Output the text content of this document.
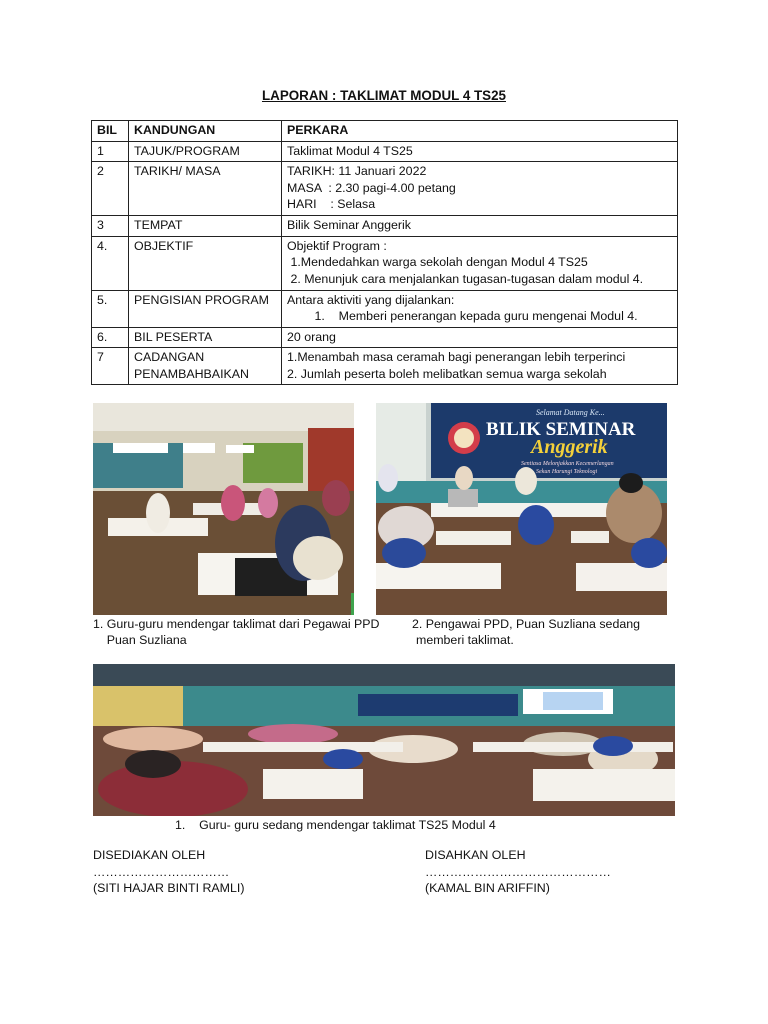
LAPORAN : TAKLIMAT MODUL 4 TS25
BIL	KANDUNGAN	PERKARA
1	TAJUK/PROGRAM	Taklimat Modul 4 TS25

2	TARIKH/ MASA	TARIKH: 11 Januari 2022
MASA  : 2.30 pagi-4.00 petang
HARI    : Selasa

3	TEMPAT	Bilik Seminar Anggerik

4.	OBJEKTIF	Objektif Program :
1.Mendedahkan warga sekolah dengan Modul 4 TS25
2. Menunjuk cara menjalankan tugasan-tugasan dalam modul 4.

5.	PENGISIAN PROGRAM	Antara aktiviti yang dijalankan:
1.    Memberi penerangan kepada guru mengenai Modul 4.

6.	BIL PESERTA	20 orang

7	CADANGAN PENAMBAHBAIKAN	1.Menambah masa ceramah bagi penerangan lebih terperinci
2. Jumlah peserta boleh melibatkan semua warga sekolah
Selamat Datang Ke...
BILIK SEMINAR
Anggerik
Sentiasa Melonjakkan Kecemerlangan
Sekun Harungi Teknologi
1. Guru-guru mendengar taklimat dari Pegawai PPD
Puan Suzliana
2. Pengawai PPD, Puan Suzliana sedang
memberi taklimat.
1.    Guru- guru sedang mendengar taklimat TS25 Modul 4
DISEDIAKAN OLEH
……………………………
(SITI HAJAR BINTI RAMLI)
DISAHKAN OLEH
………………………………………
(KAMAL BIN ARIFFIN)
